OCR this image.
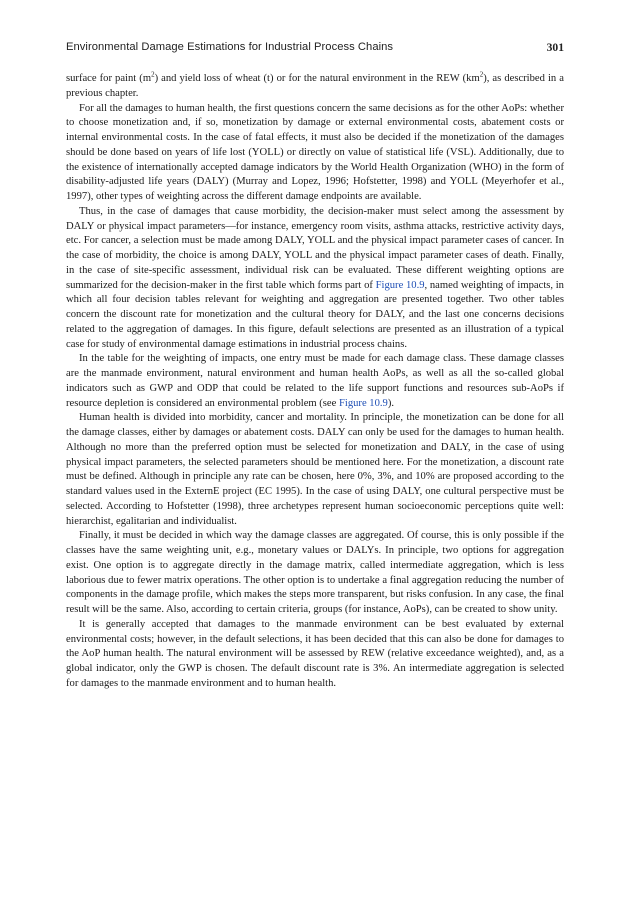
Environmental Damage Estimations for Industrial Process Chains	301

surface for paint $(m^2)$ and yield loss of wheat (t) or for the natural environment in the REW $(km^2)$, as described in a previous chapter.

For all the damages to human health, the first questions concern the same decisions as for the other AoPs: whether to choose monetization and, if so, monetization by damage or external environmental costs, abatement costs or internal environmental costs. In the case of fatal effects, it must also be decided if the monetization of the damages should be done based on years of life lost (YOLL) or directly on value of statistical life (VSL). Additionally, due to the existence of internationally accepted damage indicators by the World Health Organization (WHO) in the form of disability-adjusted life years (DALY) (Murray and Lopez, 1996; Hofstetter, 1998) and YOLL (Meyerhofer et al., 1997), other types of weighting across the different damage endpoints are available.

Thus, in the case of damages that cause morbidity, the decision-maker must select among the assessment by DALY or physical impact parameters—for instance, emergency room visits, asthma attacks, restrictive activity days, etc. For cancer, a selection must be made among DALY, YOLL and the physical impact parameter cases of cancer. In the case of morbidity, the choice is among DALY, YOLL and the physical impact parameter cases of death. Finally, in the case of site-specific assessment, individual risk can be evaluated. These different weighting options are summarized for the decision-maker in the first table which forms part of Figure 10.9, named weighting of impacts, in which all four decision tables relevant for weighting and aggregation are presented together. Two other tables concern the discount rate for monetization and the cultural theory for DALY, and the last one concerns decisions related to the aggregation of damages. In this figure, default selections are presented as an illustration of a typical case for study of environmental damage estimations in industrial process chains.

In the table for the weighting of impacts, one entry must be made for each damage class. These damage classes are the manmade environment, natural environment and human health AoPs, as well as all the so-called global indicators such as GWP and ODP that could be related to the life support functions and resources sub-AoPs if resource depletion is considered an environmental problem (see Figure 10.9).

Human health is divided into morbidity, cancer and mortality. In principle, the monetization can be done for all the damage classes, either by damages or abatement costs. DALY can only be used for the damages to human health. Although no more than the preferred option must be selected for monetization and DALY, in the case of using physical impact parameters, the selected parameters should be mentioned here. For the monetization, a discount rate must be defined. Although in principle any rate can be chosen, here 0%, 3%, and 10% are proposed according to the standard values used in the ExternE project (EC 1995). In the case of using DALY, one cultural perspective must be selected. According to Hofstetter (1998), three archetypes represent human socioeconomic perceptions quite well: hierarchist, egalitarian and individualist.

Finally, it must be decided in which way the damage classes are aggregated. Of course, this is only possible if the classes have the same weighting unit, e.g., monetary values or DALYs. In principle, two options for aggregation exist. One option is to aggregate directly in the damage matrix, called intermediate aggregation, which is less laborious due to fewer matrix operations. The other option is to undertake a final aggregation reducing the number of components in the damage profile, which makes the steps more transparent, but risks confusion. In any case, the final result will be the same. Also, according to certain criteria, groups (for instance, AoPs), can be created to show unity.

It is generally accepted that damages to the manmade environment can be best evaluated by external environmental costs; however, in the default selections, it has been decided that this can also be done for damages to the AoP human health. The natural environment will be assessed by REW (relative exceedance weighted), and, as a global indicator, only the GWP is chosen. The default discount rate is 3%. An intermediate aggregation is selected for damages to the manmade environment and to human health.
